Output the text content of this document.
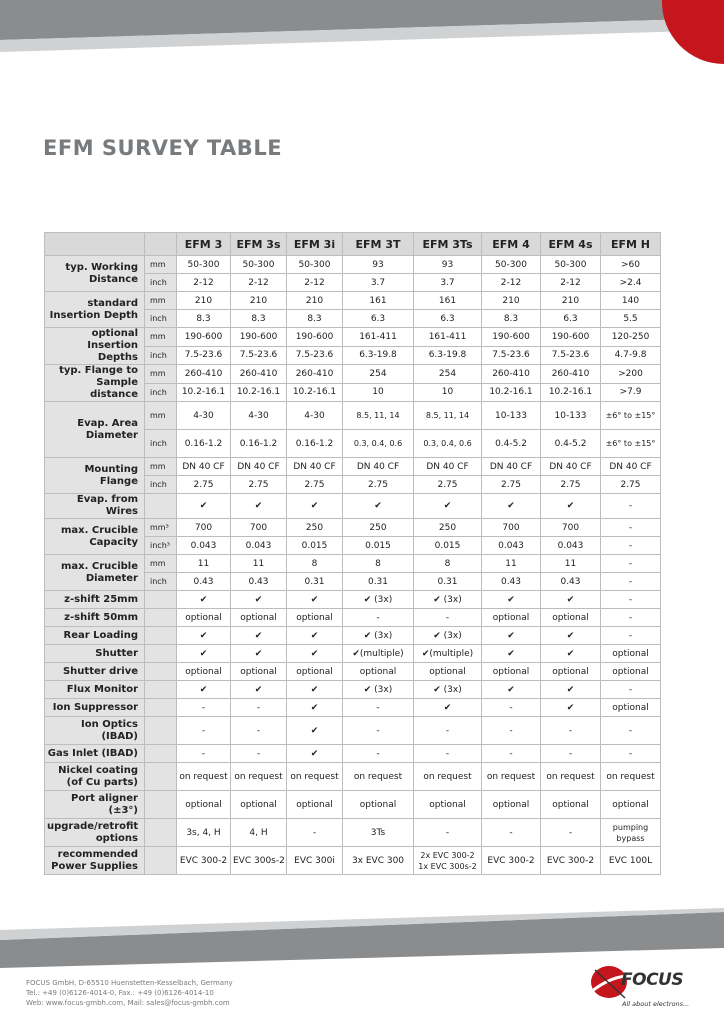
EFM SURVEY TABLE
		EFM 3	EFM 3s	EFM 3i	EFM 3T	EFM 3Ts	EFM 4	EFM 4s	EFM H
typ. Working Distance	mm	50-300	50-300	50-300	93	93	50-300	50-300	>60
	inch	2-12	2-12	2-12	3.7	3.7	2-12	2-12	>2.4
standard Insertion Depth	mm	210	210	210	161	161	210	210	140
	inch	8.3	8.3	8.3	6.3	6.3	8.3	6.3	5.5
optional Insertion Depths	mm	190-600	190-600	190-600	161-411	161-411	190-600	190-600	120-250
	inch	7.5-23.6	7.5-23.6	7.5-23.6	6.3-19.8	6.3-19.8	7.5-23.6	7.5-23.6	4.7-9.8
typ. Flange to Sample distance	mm	260-410	260-410	260-410	254	254	260-410	260-410	>200
	inch	10.2-16.1	10.2-16.1	10.2-16.1	10	10	10.2-16.1	10.2-16.1	>7.9
Evap. Area Diameter	mm	4-30	4-30	4-30	8.5, 11, 14	8.5, 11, 14	10-133	10-133	±6° to ±15°
	inch	0.16-1.2	0.16-1.2	0.16-1.2	0.3, 0.4, 0.6	0.3, 0.4, 0.6	0.4-5.2	0.4-5.2	±6° to ±15°
Mounting Flange	mm	DN 40 CF	DN 40 CF	DN 40 CF	DN 40 CF	DN 40 CF	DN 40 CF	DN 40 CF	DN 40 CF
	inch	2.75	2.75	2.75	2.75	2.75	2.75	2.75	2.75
Evap. from Wires		✔	✔	✔	✔	✔	✔	✔	-
max. Crucible Capacity	mm³	700	700	250	250	250	700	700	-
	inch³	0.043	0.043	0.015	0.015	0.015	0.043	0.043	-
max. Crucible Diameter	mm	11	11	8	8	8	11	11	-
	inch	0.43	0.43	0.31	0.31	0.31	0.43	0.43	-
z-shift 25mm		✔	✔	✔	✔ (3x)	✔ (3x)	✔	✔	-
z-shift 50mm		optional	optional	optional	-	-	optional	optional	-
Rear Loading		✔	✔	✔	✔ (3x)	✔ (3x)	✔	✔	-
Shutter		✔	✔	✔	✔(multiple)	✔(multiple)	✔	✔	optional
Shutter drive		optional	optional	optional	optional	optional	optional	optional	optional
Flux Monitor		✔	✔	✔	✔ (3x)	✔ (3x)	✔	✔	-
Ion Suppressor		-	-	✔	-	✔	-	✔	optional
Ion Optics (IBAD)		-	-	✔	-	-	-	-	-
Gas Inlet (IBAD)		-	-	✔	-	-	-	-	-
Nickel coating (of Cu parts)		on request	on request	on request	on request	on request	on request	on request	on request
Port aligner (±3°)		optional	optional	optional	optional	optional	optional	optional	optional
upgrade/retrofit options		3s, 4, H	4, H	-	3Ts	-	-	-	pumping bypass
recommended Power Supplies		EVC 300-2	EVC 300s-2	EVC 300i	3x EVC 300	2x EVC 300-2 1x EVC 300s-2	EVC 300-2	EVC 300-2	EVC 100L
FOCUS GmbH, D-65510 Huenstetten-Kesselbach, Germany
Tel.: +49 (0)6126-4014-0, Fax.: +49 (0)6126-4014-10
Web: www.focus-gmbh.com, Mail: sales@focus-gmbh.com
FOCUS
All about electrons...
